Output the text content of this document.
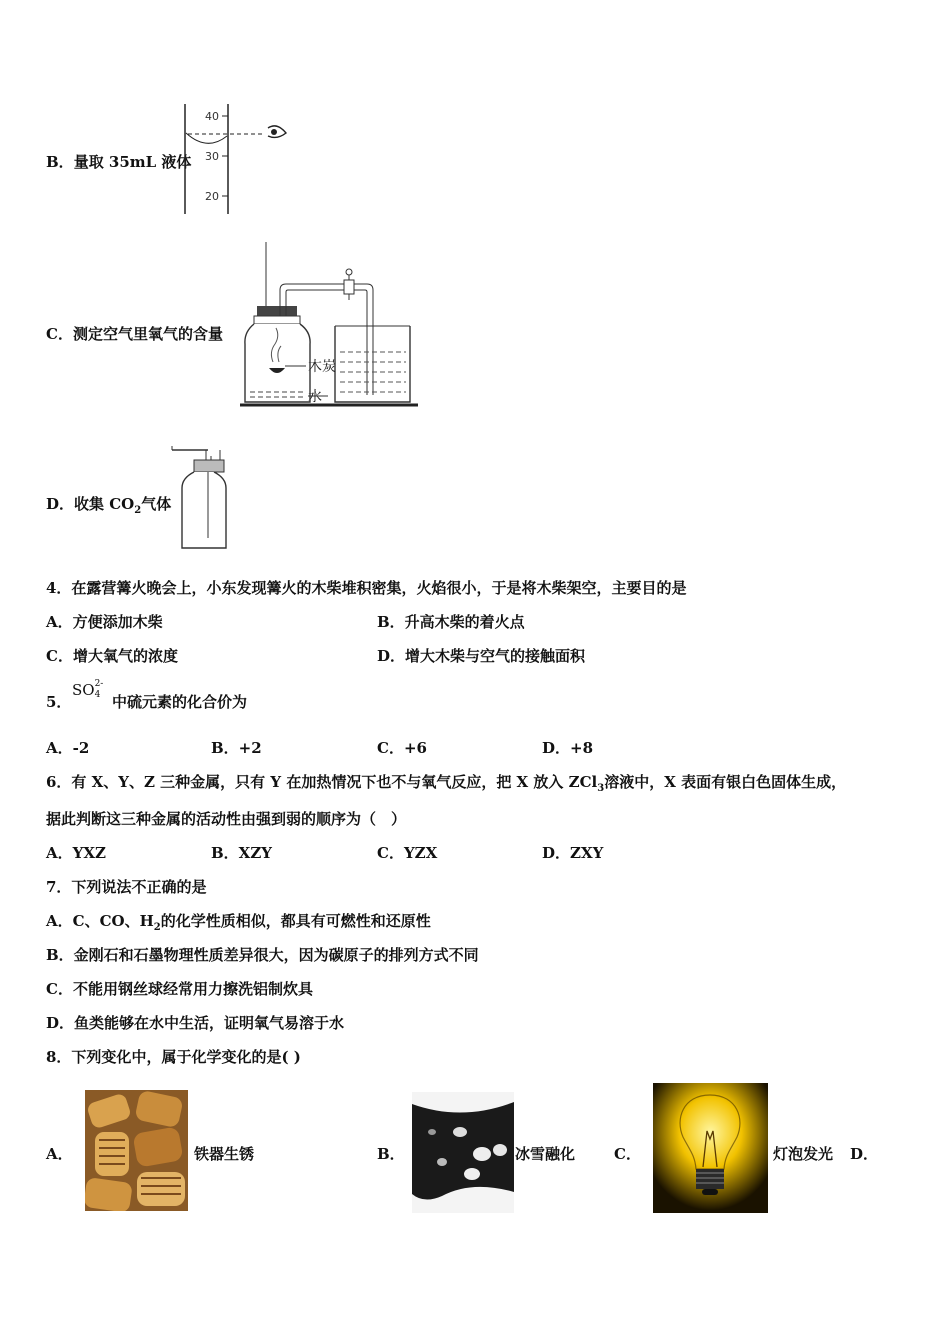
B．量取 35mL 液体
40
30
20
C．测定空气里氧气的含量
木炭
水
D．收集 $CO_2$气体
4．在露营篝火晚会上，小东发现篝火的木柴堆积密集，火焰很小，于是将木柴架空，主要目的是
A．方便添加木柴	B．升高木柴的着火点
C．增大氧气的浓度	D．增大木柴与空气的接触面积
5．
SO 2-
4 中硫元素的化合价为
A．-2	B．+2	C．+6	D．+8
6．有 X、Y、Z 三种金属，只有 Y 在加热情况下也不与氧气反应，把 X 放入 ZCl$_3$溶液中，X 表面有银白色固体生成，
据此判断这三种金属的活动性由强到弱的顺序为（　）
A．YXZ	B．XZY	C．YZX	D．ZXY
7．下列说法不正确的是
A．C、CO、$H_2$的化学性质相似，都具有可燃性和还原性
B．金刚石和石墨物理性质差异很大，因为碳原子的排列方式不同
C．不能用钢丝球经常用力擦洗铝制炊具
D．鱼类能够在水中生活，证明氧气易溶于水
8．下列变化中，属于化学变化的是( )
A．	铁器生锈	B．	冰雪融化	C．	灯泡发光 D．
